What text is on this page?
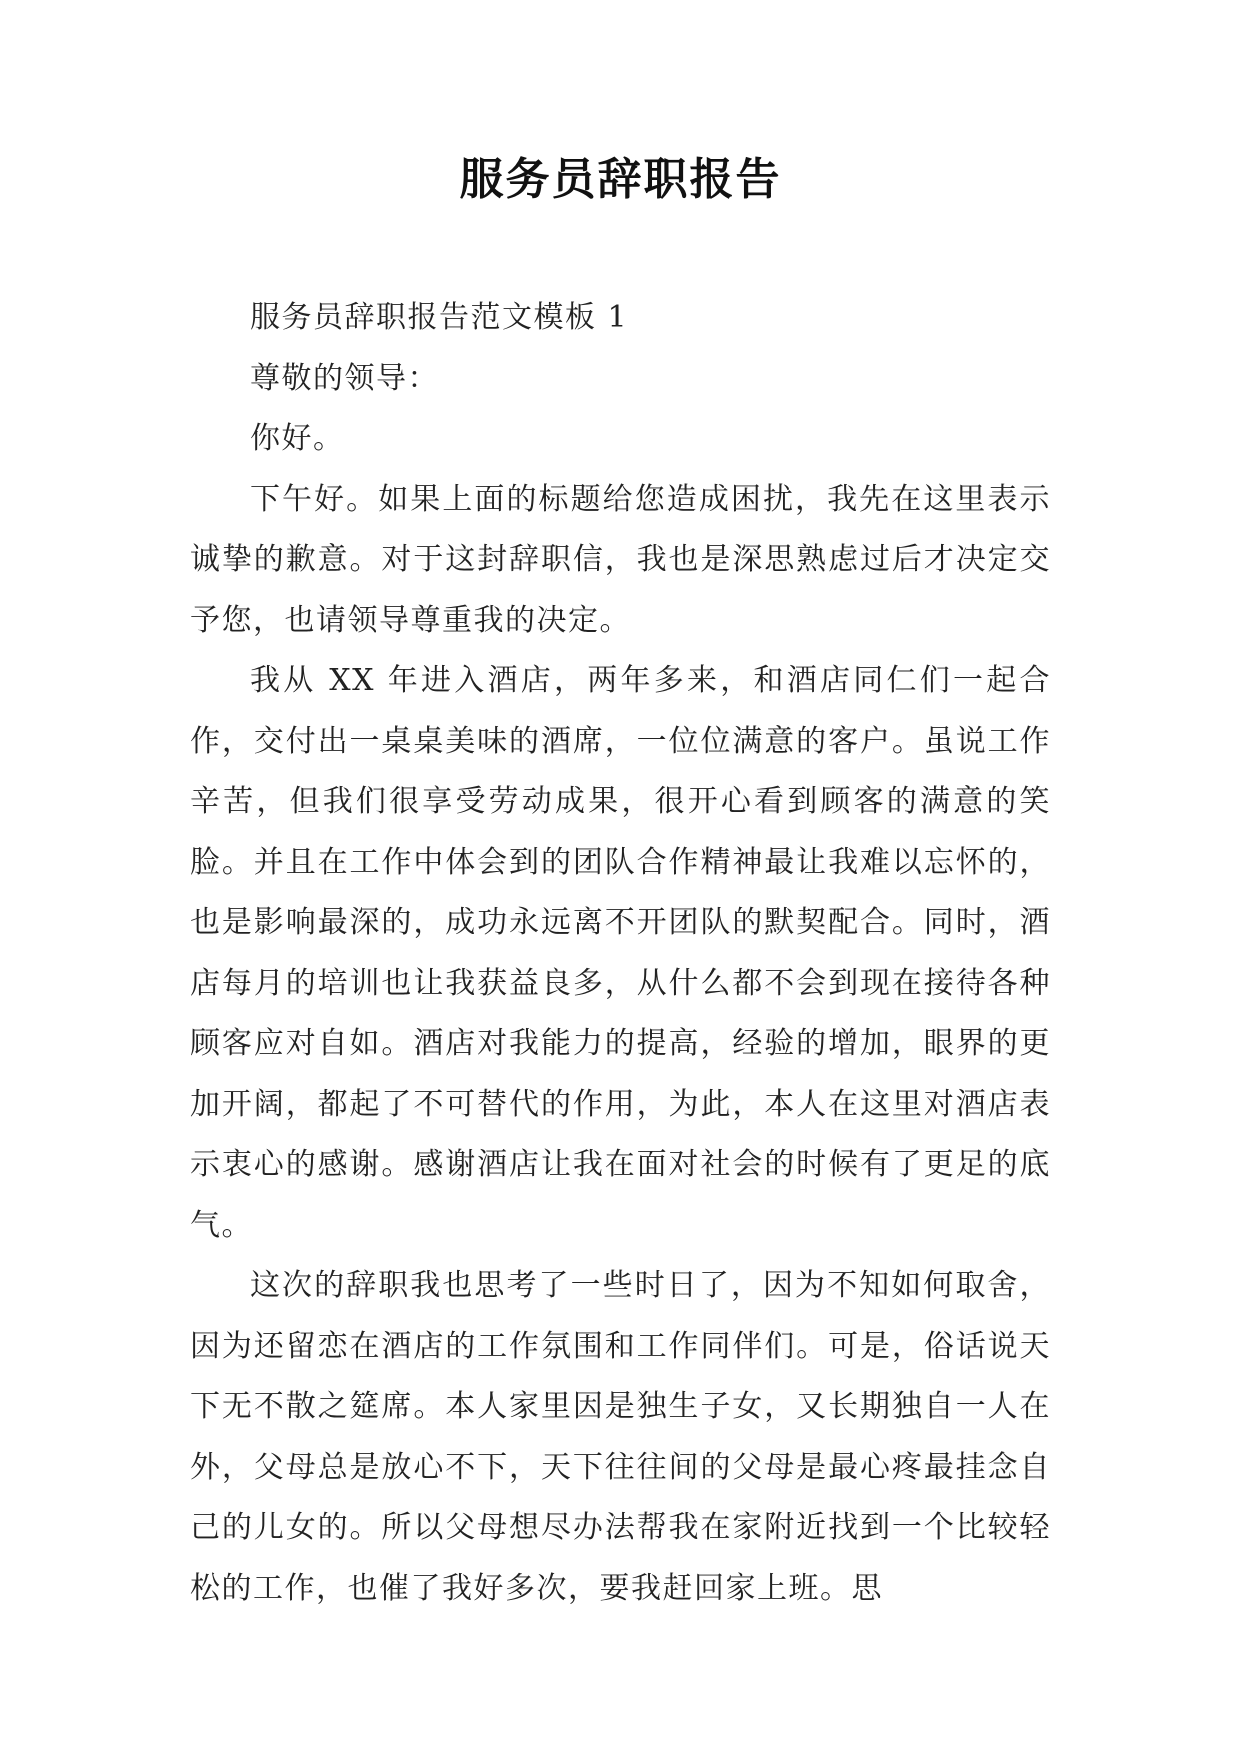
服务员辞职报告

服务员辞职报告范文模板 1

尊敬的领导：

你好。

下午好。如果上面的标题给您造成困扰，我先在这里表示诚挚的歉意。对于这封辞职信，我也是深思熟虑过后才决定交予您，也请领导尊重我的决定。

我从 XX 年进入酒店，两年多来，和酒店同仁们一起合作，交付出一桌桌美味的酒席，一位位满意的客户。虽说工作辛苦，但我们很享受劳动成果，很开心看到顾客的满意的笑脸。并且在工作中体会到的团队合作精神最让我难以忘怀的，也是影响最深的，成功永远离不开团队的默契配合。同时，酒店每月的培训也让我获益良多，从什么都不会到现在接待各种顾客应对自如。酒店对我能力的提高，经验的增加，眼界的更加开阔，都起了不可替代的作用，为此，本人在这里对酒店表示衷心的感谢。感谢酒店让我在面对社会的时候有了更足的底气。

这次的辞职我也思考了一些时日了，因为不知如何取舍，因为还留恋在酒店的工作氛围和工作同伴们。可是，俗话说天下无不散之筵席。本人家里因是独生子女，又长期独自一人在外，父母总是放心不下，天下往往间的父母是最心疼最挂念自己的儿女的。所以父母想尽办法帮我在家附近找到一个比较轻松的工作，也催了我好多次，要我赶回家上班。思
